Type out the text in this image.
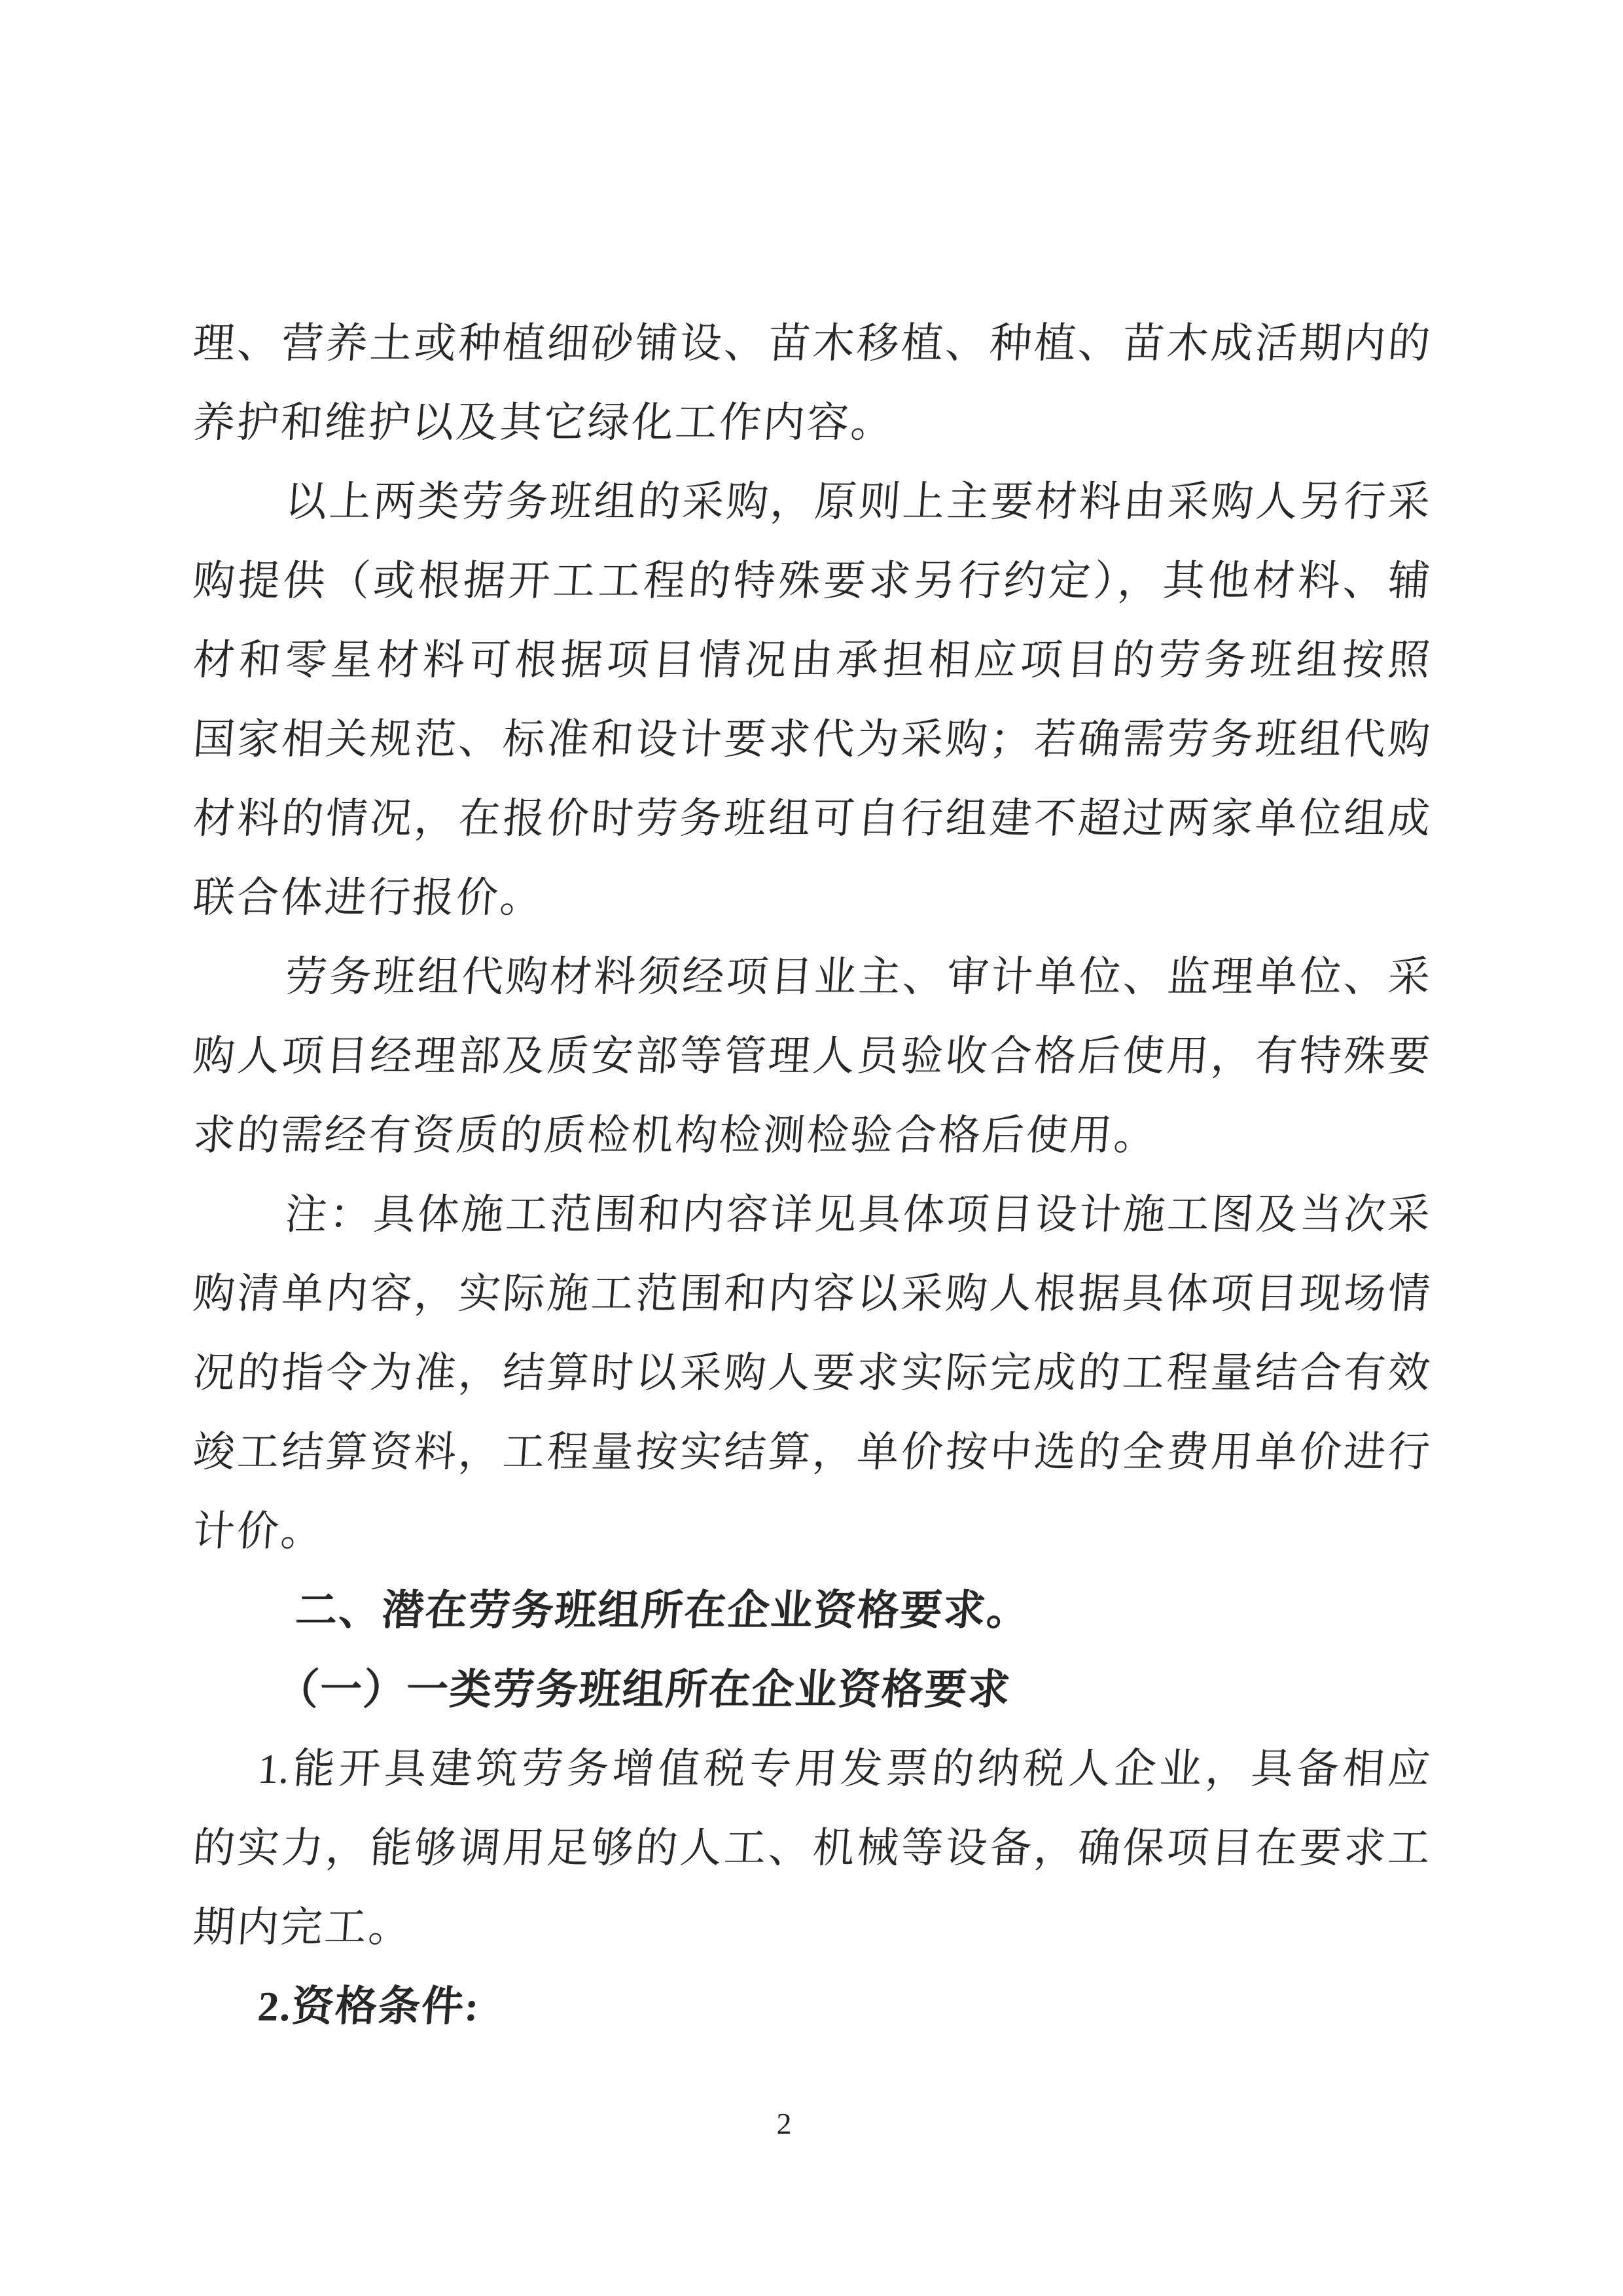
理、营养土或种植细砂铺设、苗木移植、种植、苗木成活期内的
养护和维护以及其它绿化工作内容。
以上两类劳务班组的采购，原则上主要材料由采购人另行采
购提供（或根据开工工程的特殊要求另行约定），其他材料、辅
材和零星材料可根据项目情况由承担相应项目的劳务班组按照
国家相关规范、标准和设计要求代为采购；若确需劳务班组代购
材料的情况，在报价时劳务班组可自行组建不超过两家单位组成
联合体进行报价。
劳务班组代购材料须经项目业主、审计单位、监理单位、采
购人项目经理部及质安部等管理人员验收合格后使用，有特殊要
求的需经有资质的质检机构检测检验合格后使用。
注：具体施工范围和内容详见具体项目设计施工图及当次采
购清单内容，实际施工范围和内容以采购人根据具体项目现场情
况的指令为准，结算时以采购人要求实际完成的工程量结合有效
竣工结算资料，工程量按实结算，单价按中选的全费用单价进行
计价。
二、潜在劳务班组所在企业资格要求。
（一）一类劳务班组所在企业资格要求
1.能开具建筑劳务增值税专用发票的纳税人企业，具备相应
的实力，能够调用足够的人工、机械等设备，确保项目在要求工
期内完工。
2.资格条件:
2
